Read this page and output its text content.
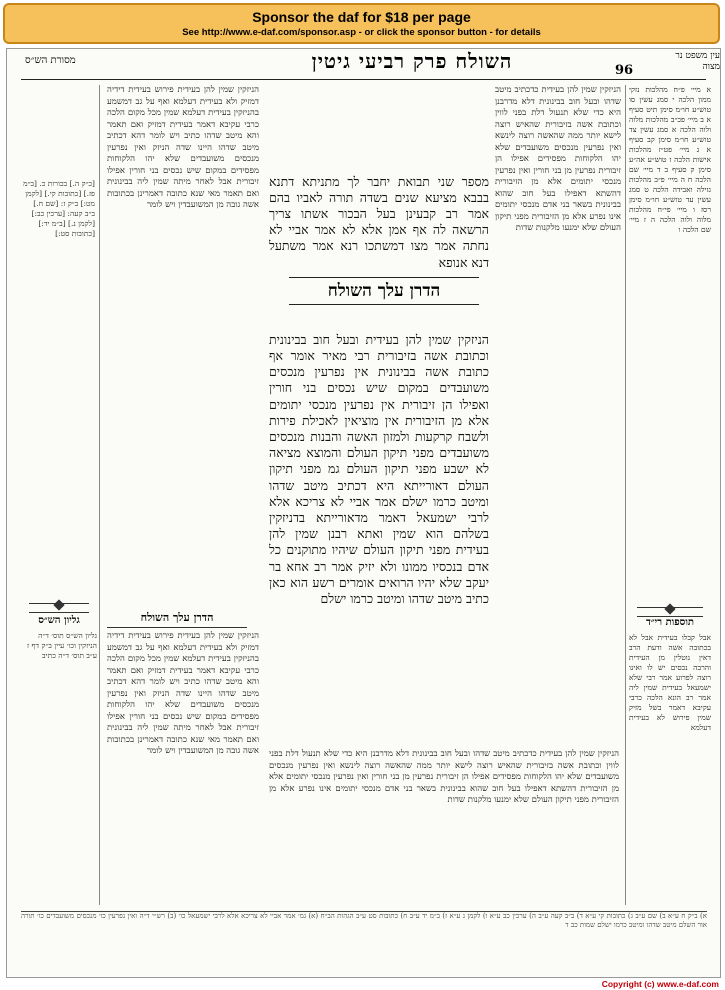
Sponsor the daf for $18 per page
See http://www.e-daf.com/sponsor.asp - or click the sponsor button - for details
מסורת הש״ס	השולח פרק רביעי גיטין	96
עין משפט נר מצוה

א מיי׳ פ״ח מהלכות נזקי ממון הלכה י סמג עשין סו טוש״ע חו״מ סימן תיט סעיף א ב מיי׳ פכ״ב מהלכות מלוה ולוה הלכה א סמג עשין צד טוש״ע חו״מ סימן קב סעיף א ג מיי׳ פט״ז מהלכות אישות הלכה ז טוש״ע אה״ע סימן ק סעיף ב ד מיי׳ שם הלכה ח ה מיי׳ פ״ב מהלכות גזילה ואבידה הלכה ט סמג עשין עד טוש״ע חו״מ סימן רסז ו מיי׳ פי״ח מהלכות מלוה ולוה הלכה ה ז מיי׳ שם הלכה ו

הניזקין שמין להן בעידית כדכתיב מיטב שדהו ובעל חוב בבינונית דלא מדרבנן היא כדי שלא תנעול דלת בפני לווין וכתובת אשה בזיבורית שהאיש רוצה לישא יותר ממה שהאשה רוצה לינשא ואין נפרעין מנכסים משועבדים שלא יהו הלקוחות מפסידים אפילו הן זיבורית נפרעין מן בני חורין ואין נפרעין מנכסי יתומים אלא מן הזיבורית דהשתא דאפילו בעל חוב שהוא בבינונית בשאר בני אדם מנכסי יתומים אינו נפרע אלא מן הזיבורית מפני תיקון העולם שלא ימנעו מלקנות שדות

תוספות רי״ד

אבל קבלו בעידית אבל לא בכתובה אשה ודעת הרב דאין נוטלין מן העידית והרבה נכסים יש לו ואינו רוצה לפרוע אמר רבי שלא ישמעאל בעידית שמין ליה אמר רב הונא הלכה כרבי עקיבא דאמר בשל מזיק שמין פירוש לא בעידית דעלמא

מספר שני תבואת יחבר לך מתניתא דתנא בבבא מציעא שנים בשדה תורה לאביו בהם אמר רב קבעינן בעל הבכור אשתו צריך הרשאה לה אף אמן אלא לא אמר אביי לא נחתה אמר מצו דמשתכו רנא אמר משתעל דנא אנופא

הניזקין שמין להן בעידית ובעל חוב בבינונית וכתובת אשה בזיבורית רבי מאיר אומר אף כתובת אשה בבינונית אין נפרעין מנכסים משועבדים במקום שיש נכסים בני חורין ואפילו הן זיבורית אין נפרעין מנכסי יתומים אלא מן הזיבורית אין מוציאין לאכילת פירות ולשבח קרקעות ולמזון האשה והבנות מנכסים משועבדים מפני תיקון העולם והמוצא מציאה לא ישבע מפני תיקון העולם גמ מפני תיקון העולם דאורייתא היא דכתיב מיטב שדהו ומיטב כרמו ישלם אמר אביי לא צריכא אלא לרבי ישמעאל דאמר מדאורייתא בדניזקין בשלהם הוא שמין ואתא רבנן שמין להן בעידית מפני תיקון העולם שיהיו מתוקנים כל אדם בנכסיו ממונו ולא יזיק אמר רב אחא בר יעקב שלא יהיו הרואים אומרים רשע הוא כאן כתיב מיטב שדהו ומיטב כרמו ישלם

הדרן עלך השולח

הניזקין שמין להן בעידית פירוש בעידית דידיה דמזיק ולא בעידית דעלמא ואף על גב דמשמע בהניזקין בעידית דעלמא שמין מכל מקום הלכה כרבי עקיבא דאמר בעידית דמזיק ואם תאמר והא מיטב שדהו כתיב ויש לומר דהא דכתיב מיטב שדהו היינו שדה הניזק ואין נפרעין מנכסים משועבדים שלא יהו הלקוחות מפסידים במקום שיש נכסים בני חורין אפילו זיבורית אבל לאחר מיתה שמין ליה בבינונית ואם תאמר מאי שנא כתובה דאמרינן בכתובות אשה גובה מן המשועבדין ויש לומר

הדרן עלך השולח

הניזקין שמין להן בעידית פירוש בעידית דידיה דמזיק ולא בעידית דעלמא ואף על גב דמשמע בהניזקין בעידית דעלמא שמין מכל מקום הלכה כרבי עקיבא דאמר בעידית דמזיק ואם תאמר והא מיטב שדהו כתיב ויש לומר דהא דכתיב מיטב שדהו היינו שדה הניזק ואין נפרעין מנכסים משועבדים שלא יהו הלקוחות מפסידים במקום שיש נכסים בני חורין אפילו זיבורית אבל לאחר מיתה שמין ליה בבינונית ואם תאמר מאי שנא כתובה דאמרינן בכתובות אשה גובה מן המשועבדין ויש לומר הניזקין שמין להן בעידית כדכתיב מיטב שדהו ובעל חוב בבינונית דלא מדרבנן היא כדי שלא תנעול דלת בפני לווין וכתובת אשה בזיבורית שהאיש רוצה לישא יותר ממה שהאשה רוצה לינשא ואין נפרעין מנכסים משועבדים שלא יהו הלקוחות מפסידים אפילו הן זיבורית נפרעין מן בני חורין ואין נפרעין מנכסי יתומים אלא מן הזיבורית דהשתא דאפילו בעל חוב שהוא בבינונית בשאר בני אדם מנכסי יתומים אינו נפרע אלא מן הזיבורית מפני תיקון העולם שלא ימנעו מלקנות שדות

[כ״ק ה.] בכורות כ. [ב״מ פז.] [כתובות קי.] [לקמן מט:] ב״ק ז: [שם ח.] ב״ב קעה: [ערכין כב:] [לקמן נ.] [ב״מ יד:] [כתובות סט:]
גליון הש״ס
גליון הש״ס תוס׳ ד״ה הניזקין וכו׳ עיין ב״ק דף ז ע״ב תוס׳ ד״ה כתיב
א) ב״ק ח ע״א ב) שם ע״ב ג) כתובות קי ע״א ד) ב״ב קעה ע״ב ה) ערכין כב ע״א ו) לקמן נ ע״א ז) ב״מ יד ע״ב ח) כתובות סט ע״ב הגהות הב״ח (א) גמ׳ אמר אביי לא צריכא אלא לרבי ישמעאל כו׳ (ב) רש״י ד״ה ואין נפרעין כו׳ מנכסים משועבדים כו׳ תורה אור השלם מיטב שדהו ומיטב כרמו ישלם שמות כב ד
Copyright (c) www.e-daf.com
